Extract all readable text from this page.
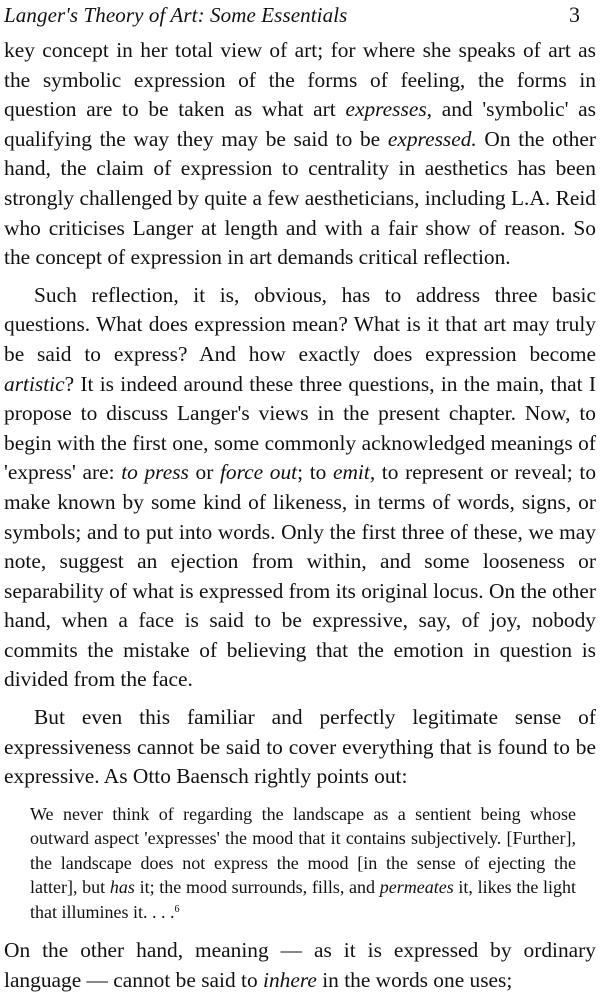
Langer's Theory of Art: Some Essentials	3

key concept in her total view of art; for where she speaks of art as the symbolic expression of the forms of feeling, the forms in question are to be taken as what art expresses, and 'symbolic' as qualifying the way they may be said to be expressed. On the other hand, the claim of expression to centrality in aesthetics has been strongly challenged by quite a few aestheticians, including L.A. Reid who criticises Langer at length and with a fair show of reason. So the concept of expression in art demands critical reflection.

Such reflection, it is, obvious, has to address three basic questions. What does expression mean? What is it that art may truly be said to express? And how exactly does expression become artistic? It is indeed around these three questions, in the main, that I propose to discuss Langer's views in the present chapter. Now, to begin with the first one, some commonly acknowledged meanings of 'express' are: to press or force out; to emit, to represent or reveal; to make known by some kind of likeness, in terms of words, signs, or symbols; and to put into words. Only the first three of these, we may note, suggest an ejection from within, and some looseness or separability of what is expressed from its original locus. On the other hand, when a face is said to be expressive, say, of joy, nobody commits the mistake of believing that the emotion in question is divided from the face.

But even this familiar and perfectly legitimate sense of expressiveness cannot be said to cover everything that is found to be expressive. As Otto Baensch rightly points out:

We never think of regarding the landscape as a sentient being whose outward aspect 'expresses' the mood that it contains subjectively. [Further], the landscape does not express the mood [in the sense of ejecting the latter], but has it; the mood surrounds, fills, and permeates it, likes the light that illumines it. . . .$^6$

On the other hand, meaning — as it is expressed by ordinary language — cannot be said to inhere in the words one uses;
